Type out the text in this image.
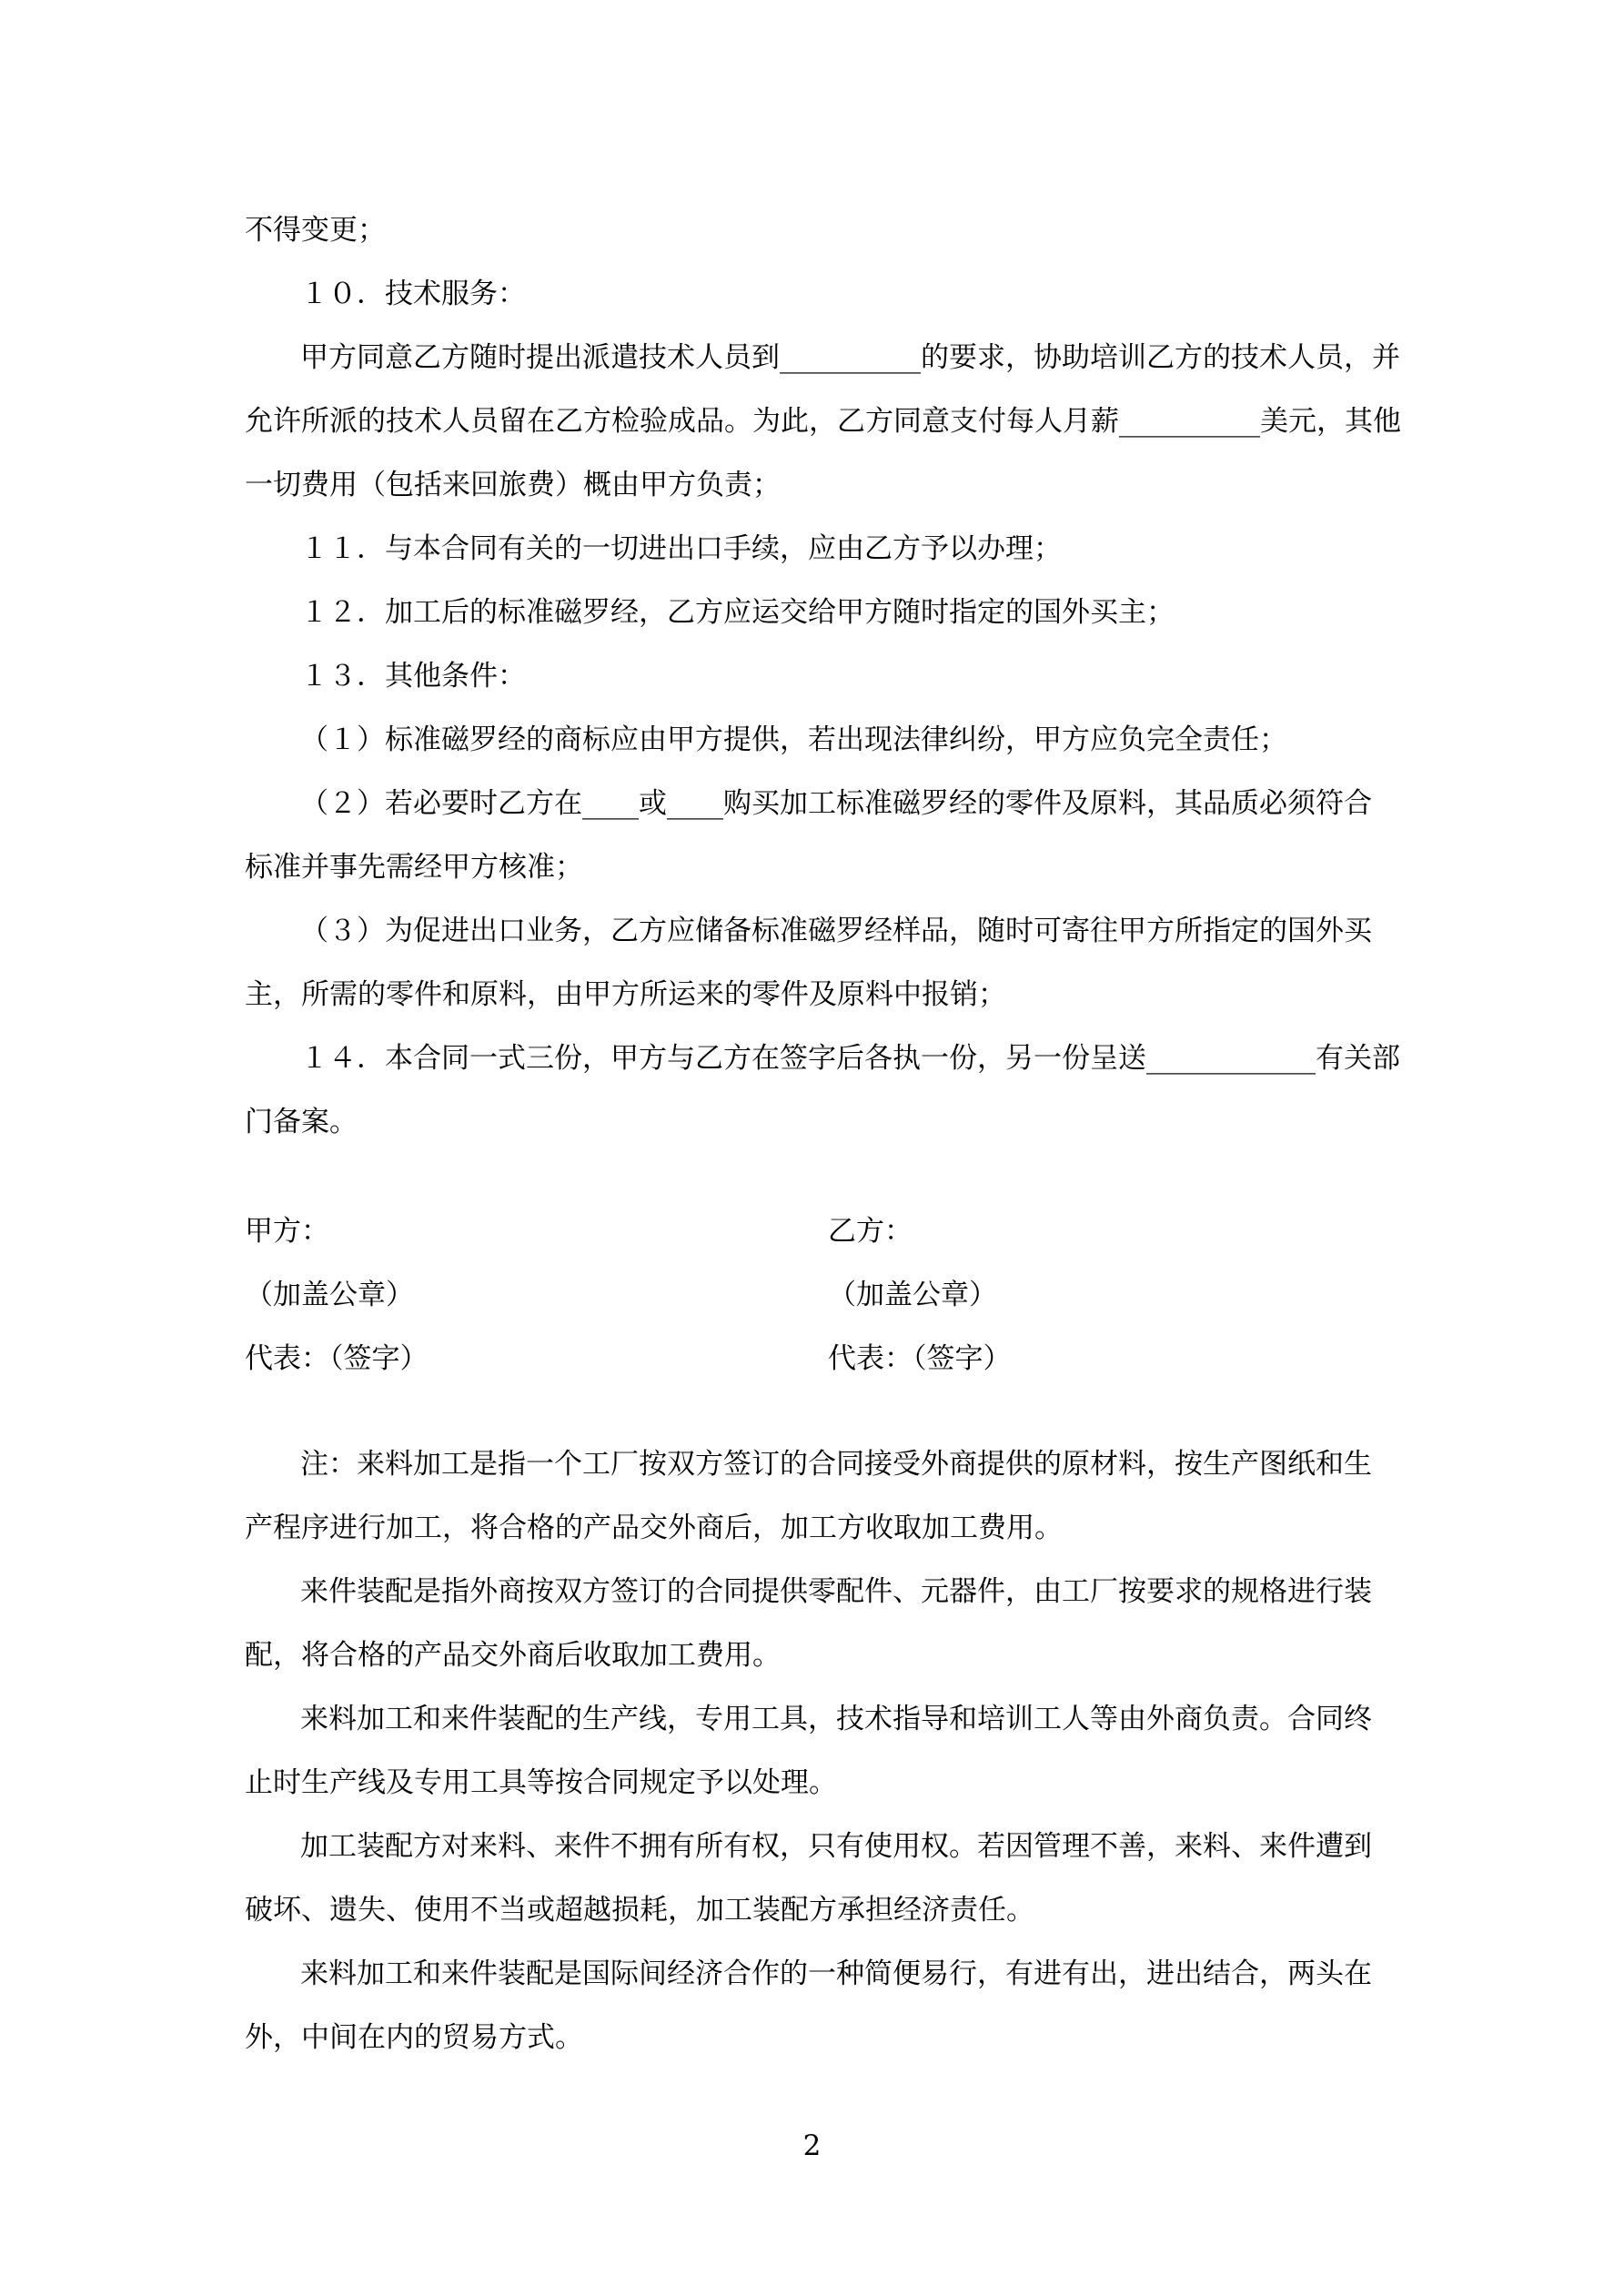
不得变更；
１０．技术服务：
甲方同意乙方随时提出派遣技术人员到__________的要求，协助培训乙方的技术人员，并
允许所派的技术人员留在乙方检验成品。为此，乙方同意支付每人月薪__________美元，其他
一切费用（包括来回旅费）概由甲方负责；
１１．与本合同有关的一切进出口手续，应由乙方予以办理；
１２．加工后的标准磁罗经，乙方应运交给甲方随时指定的国外买主；
１３．其他条件：
（１）标准磁罗经的商标应由甲方提供，若出现法律纠纷，甲方应负完全责任；
（２）若必要时乙方在____或____购买加工标准磁罗经的零件及原料，其品质必须符合
标准并事先需经甲方核准；
（３）为促进出口业务，乙方应储备标准磁罗经样品，随时可寄往甲方所指定的国外买
主，所需的零件和原料，由甲方所运来的零件及原料中报销；
１４．本合同一式三份，甲方与乙方在签字后各执一份，另一份呈送____________有关部
门备案。
甲方：	乙方：
（加盖公章）	（加盖公章）
代表：（签字）	代表：（签字）
注：来料加工是指一个工厂按双方签订的合同接受外商提供的原材料，按生产图纸和生
产程序进行加工，将合格的产品交外商后，加工方收取加工费用。
来件装配是指外商按双方签订的合同提供零配件、元器件，由工厂按要求的规格进行装
配，将合格的产品交外商后收取加工费用。
来料加工和来件装配的生产线，专用工具，技术指导和培训工人等由外商负责。合同终
止时生产线及专用工具等按合同规定予以处理。
加工装配方对来料、来件不拥有所有权，只有使用权。若因管理不善，来料、来件遭到
破坏、遗失、使用不当或超越损耗，加工装配方承担经济责任。
来料加工和来件装配是国际间经济合作的一种简便易行，有进有出，进出结合，两头在
外，中间在内的贸易方式。
2
